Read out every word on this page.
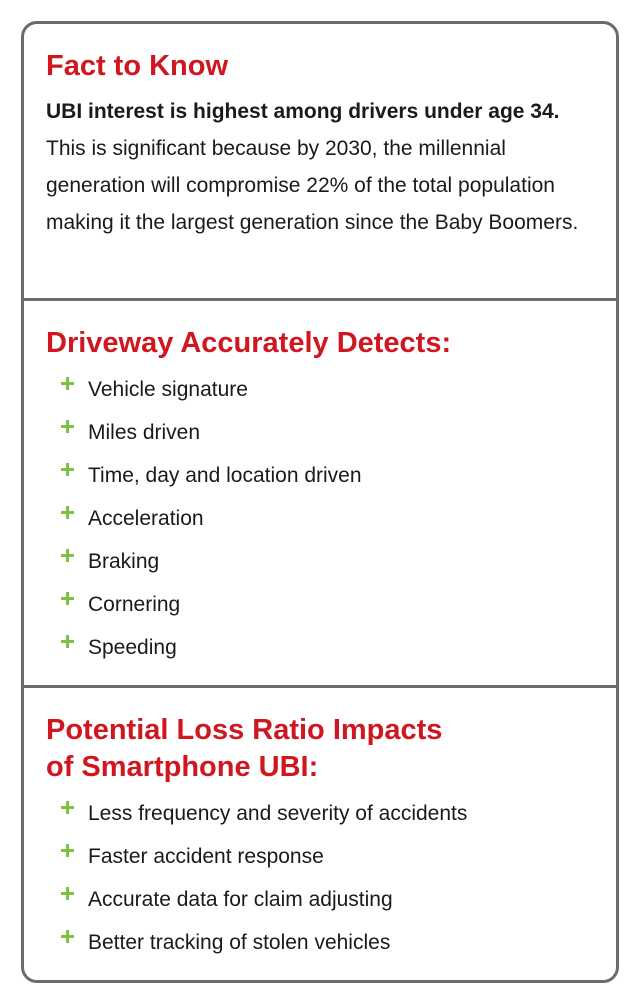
Fact to Know

UBI interest is highest among drivers under age 34. This is significant because by 2030, the millennial generation will compromise 22% of the total population making it the largest generation since the Baby Boomers.

Driveway Accurately Detects:
Vehicle signature
Miles driven
Time, day and location driven
Acceleration
Braking
Cornering
Speeding
Potential Loss Ratio Impacts
of Smartphone UBI:
Less frequency and severity of accidents
Faster accident response
Accurate data for claim adjusting
Better tracking of stolen vehicles
